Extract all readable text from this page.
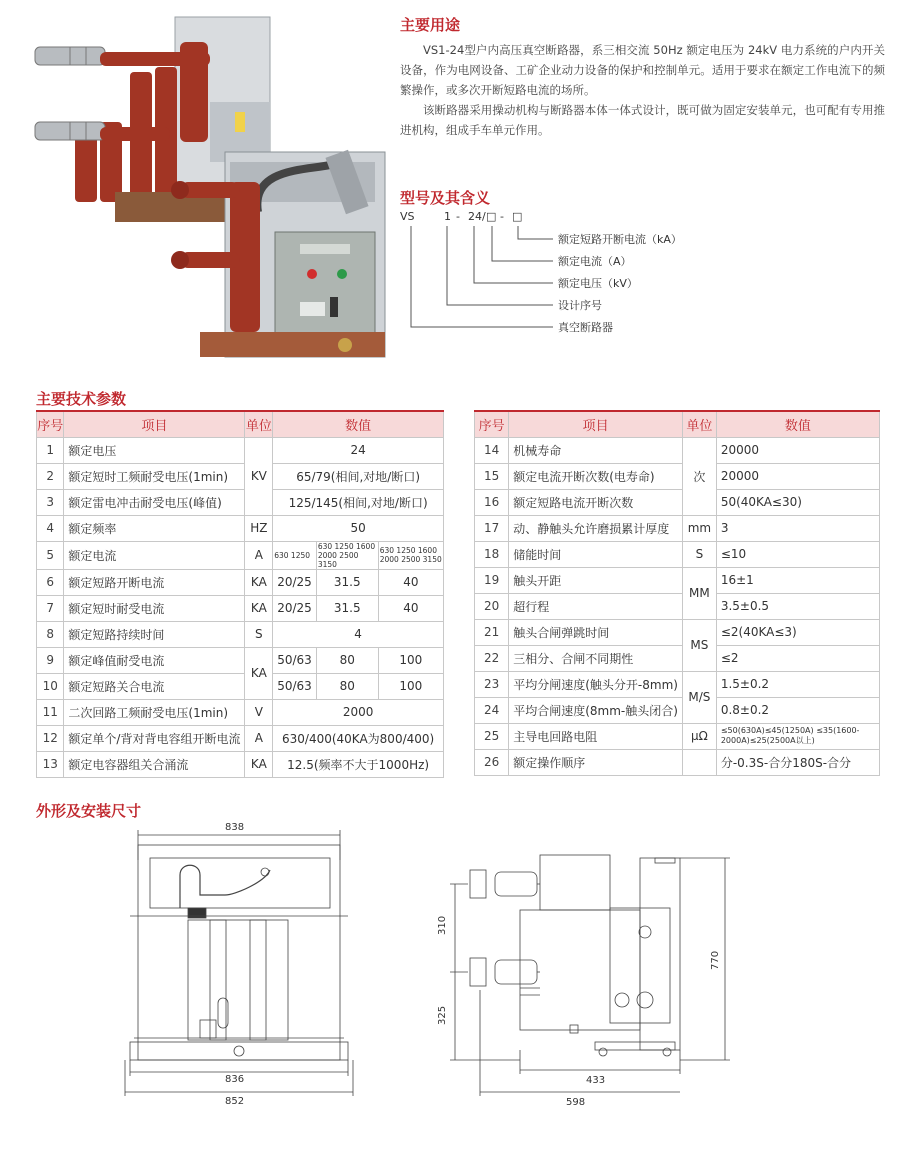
主要用途

VS1-24型户内高压真空断路器，系三相交流 50Hz 额定电压为 24kV 电力系统的户内开关设备，作为电网设备、工矿企业动力设备的保护和控制单元。适用于要求在额定工作电流下的频繁操作，或多次开断短路电流的场所。

该断路器采用操动机构与断路器本体一体式设计，既可做为固定安装单元，也可配有专用推进机构，组成手车单元作用。

型号及其含义
VS	1 - 24/ □ - □
额定短路开断电流（kA）
额定电流（A）
额定电压（kV）
设计序号
真空断路器
主要技术参数
序号	项目	单位	数值		
1	额定电压	KV	24		
2	额定短时工频耐受电压(1min)		65/79(相间,对地/断口)		
3	额定雷电冲击耐受电压(峰值)		125/145(相间,对地/断口)		
4	额定频率	HZ	50		
5	额定电流	A	630 1250	630 1250 1600 2000 2500 3150	630 1250 1600 2000 2500 3150
6	额定短路开断电流	KA	20/25	31.5	40
7	额定短时耐受电流	KA	20/25	31.5	40
8	额定短路持续时间	S	4		
9	额定峰值耐受电流	KA	50/63	80	100
10	额定短路关合电流		50/63	80	100
11	二次回路工频耐受电压(1min)	V	2000		
12	额定单个/背对背电容组开断电流	A	630/400(40KA为800/400)		
13	额定电容器组关合涌流	KA	12.5(频率不大于1000Hz)		
序号	项目	单位	数值
14	机械寿命	次	20000
15	额定电流开断次数(电寿命)		20000
16	额定短路电流开断次数		50(40KA≤30)
17	动、静触头允许磨损累计厚度	mm	3
18	储能时间	S	≤10
19	触头开距	MM	16±1
20	超行程		3.5±0.5
21	触头合闸弹跳时间	MS	≤2(40KA≤3)
22	三相分、合闸不同期性		≤2
23	平均分闸速度(触头分开-8mm)	M/S	1.5±0.2
24	平均合闸速度(8mm-触头闭合)		0.8±0.2
25	主导电回路电阻	μΩ	≤50(630A)≤45(1250A) ≤35(1600-2000A)≤25(2500A以上)
26	额定操作顺序		分-0.3S-合分180S-合分
外形及安装尺寸
838
836
852
310
325
770
433
598
